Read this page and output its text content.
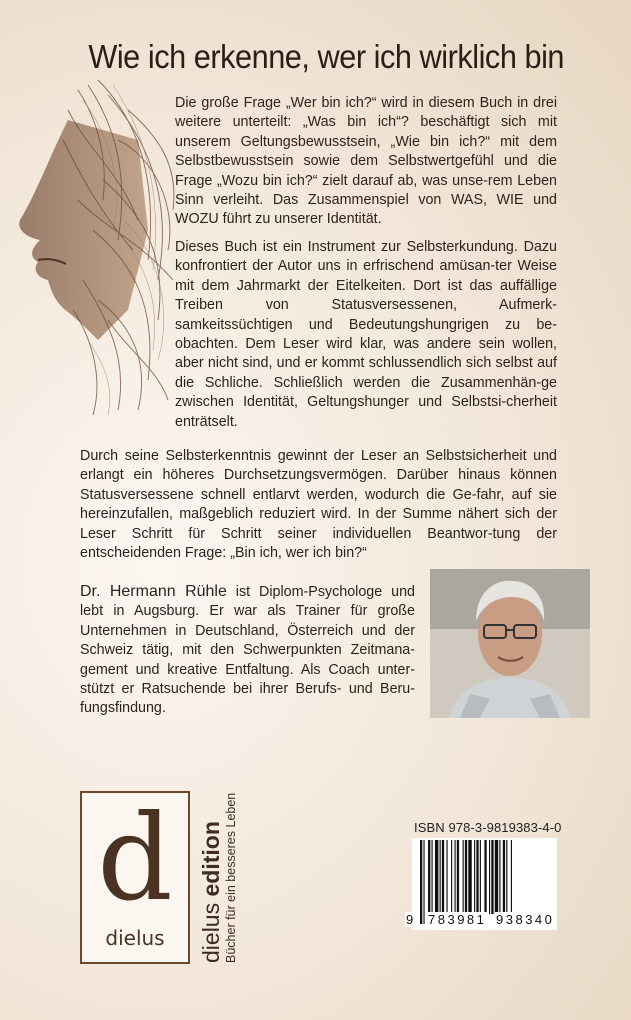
Wie ich erkenne, wer ich wirklich bin

Die große Frage „Wer bin ich?“ wird in diesem Buch in drei weitere unterteilt: „Was bin ich“? beschäftigt sich mit unserem Geltungsbewusstsein, „Wie bin ich?“ mit dem Selbstbewusstsein sowie dem Selbstwertgefühl und die Frage „Wozu bin ich?“ zielt darauf ab, was unse-rem Leben Sinn verleiht. Das Zusammenspiel von WAS, WIE und WOZU führt zu unserer Identität.

Dieses Buch ist ein Instrument zur Selbsterkundung. Dazu konfrontiert der Autor uns in erfrischend amüsan-ter Weise mit dem Jahrmarkt der Eitelkeiten. Dort ist das auffällige Treiben von Statusversessenen, Aufmerk-samkeitssüchtigen und Bedeutungshungrigen zu be-obachten. Dem Leser wird klar, was andere sein wollen, aber nicht sind, und er kommt schlussendlich sich selbst auf die Schliche. Schließlich werden die Zusammenhän-ge zwischen Identität, Geltungshunger und Selbstsi-cherheit enträtselt.

Durch seine Selbsterkenntnis gewinnt der Leser an Selbstsicherheit und erlangt ein höheres Durchsetzungsvermögen. Darüber hinaus können Statusversessene schnell entlarvt werden, wodurch die Ge-fahr, auf sie hereinzufallen, maßgeblich reduziert wird. In der Summe nähert sich der Leser Schritt für Schritt seiner individuellen Beantwor-tung der entscheidenden Frage: „Bin ich, wer ich bin?“

Dr. Hermann Rühle ist Diplom-Psychologe und lebt in Augsburg. Er war als Trainer für große Unternehmen in Deutschland, Österreich und der Schweiz tätig, mit den Schwerpunkten Zeitmana-gement und kreative Entfaltung. Als Coach unter-stützt er Ratsuchende bei ihrer Berufs- und Beru-fungsfindung.

d
dielus	dielus edition Bücher für ein besseres Leben	ISBN 978-3-9819383-4-0
9 783981 938340
